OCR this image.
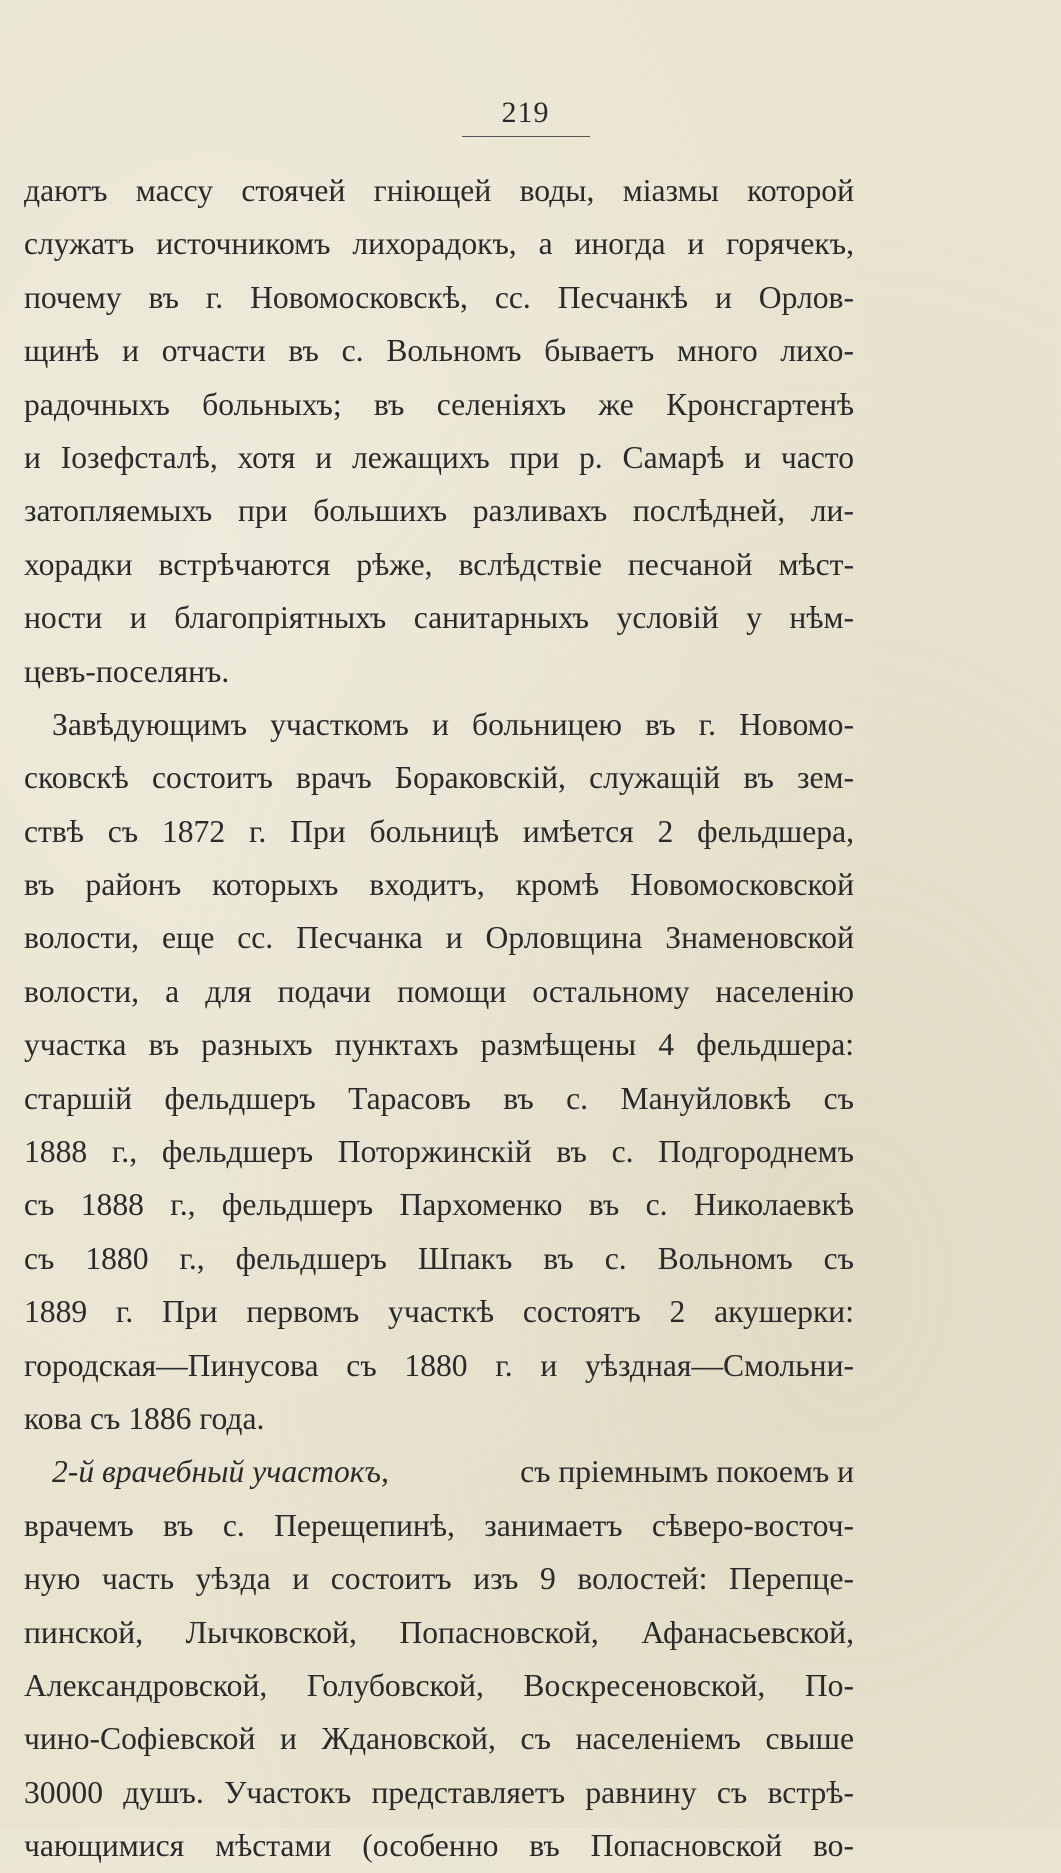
219
даютъ массу стоячей гніющей воды, міазмы которой
служатъ источникомъ лихорадокъ, а иногда и горячекъ,
почему въ г. Новомосковскѣ, сс. Песчанкѣ и Орлов-
щинѣ и отчасти въ с. Вольномъ бываетъ много лихо-
радочныхъ больныхъ; въ селеніяхъ же Кронсгартенѣ
и Іозефсталѣ, хотя и лежащихъ при р. Самарѣ и часто
затопляемыхъ при большихъ разливахъ послѣдней, ли-
хорадки встрѣчаются рѣже, вслѣдствіе песчаной мѣст-
ности и благопріятныхъ санитарныхъ условій у нѣм-
цевъ-поселянъ.
Завѣдующимъ участкомъ и больницею въ г. Новомо-
сковскѣ состоитъ врачъ Бораковскій, служащій въ зем-
ствѣ съ 1872 г. При больницѣ имѣется 2 фельдшера,
въ районъ которыхъ входитъ, кромѣ Новомосковской
волости, еще сс. Песчанка и Орловщина Знаменовской
волости, а для подачи помощи остальному населенію
участка въ разныхъ пунктахъ размѣщены 4 фельдшера:
старшій фельдшеръ Тарасовъ въ с. Мануйловкѣ съ
1888 г., фельдшеръ Поторжинскій въ с. Подгороднемъ
съ 1888 г., фельдшеръ Пархоменко въ с. Николаевкѣ
съ 1880 г., фельдшеръ Шпакъ въ с. Вольномъ съ
1889 г. При первомъ участкѣ состоятъ 2 акушерки:
городская—Пинусова съ 1880 г. и уѣздная—Смольни-
кова съ 1886 года.
2-й врачебный участокъ,	съ пріемнымъ покоемъ и
врачемъ въ с. Перещепинѣ, занимаетъ сѣверо-восточ-
ную часть уѣзда и состоитъ изъ 9 волостей: Перепце-
пинской, Лычковской, Попасновской, Афанасьевской,
Александровской, Голубовской, Воскресеновской, По-
чино-Софіевской и Ждановской, съ населеніемъ свыше
30000 душъ. Участокъ представляетъ равнину съ встрѣ-
чающимися мѣстами (особенно въ Попасновской во-
